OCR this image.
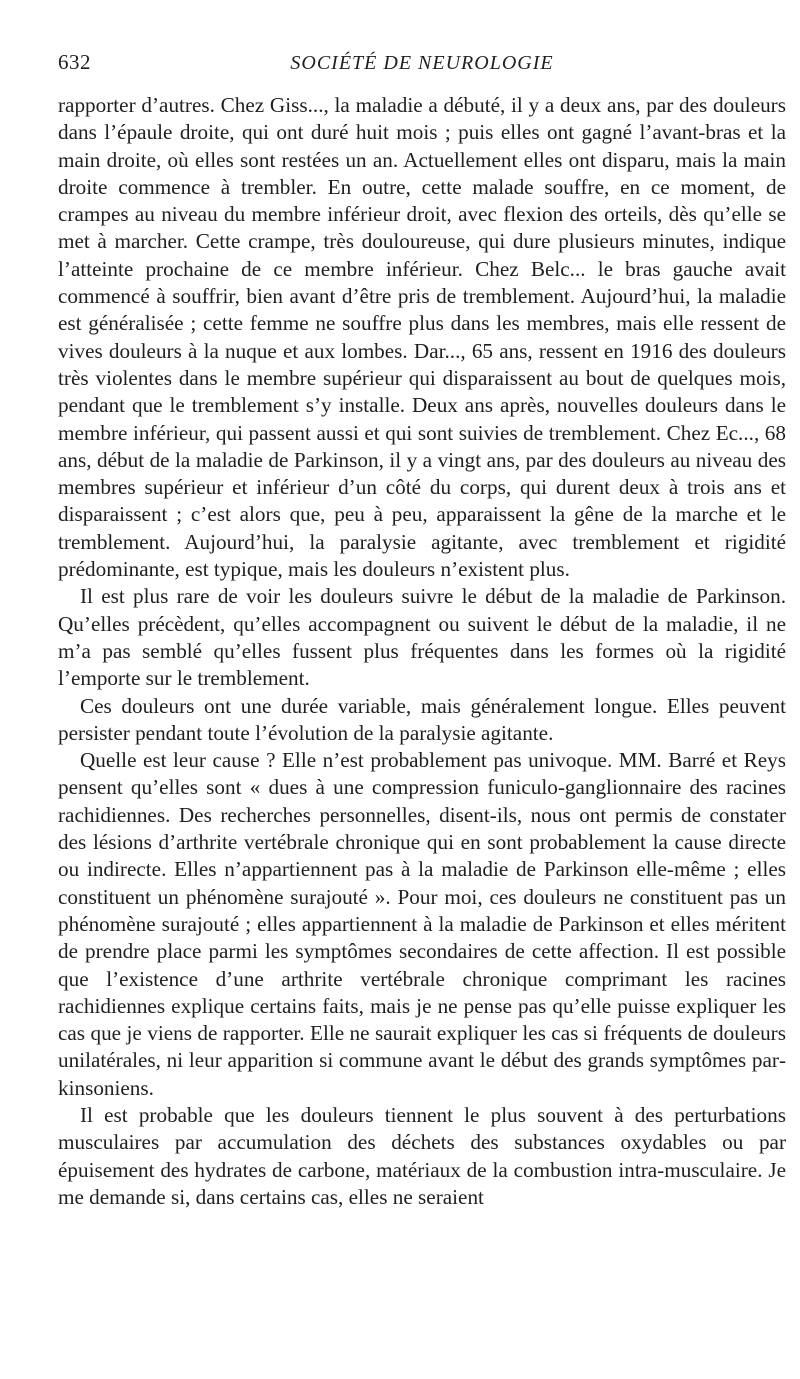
632	SOCIÉTÉ DE NEUROLOGIE

rapporter d’autres. Chez Giss..., la maladie a débuté, il y a deux ans, par des douleurs dans l’épaule droite, qui ont duré huit mois ; puis elles ont gagné l’avant-bras et la main droite, où elles sont restées un an. Actuellement elles ont disparu, mais la main droite commence à trembler. En outre, cette malade souffre, en ce moment, de crampes au niveau du membre inférieur droit, avec flexion des orteils, dès qu’elle se met à marcher. Cette crampe, très douloureuse, qui dure plusieurs minutes, indique l’atteinte prochaine de ce membre inférieur. Chez Belc... le bras gauche avait commencé à souffrir, bien avant d’être pris de tremblement. Aujourd’hui, la maladie est généralisée ; cette femme ne souffre plus dans les membres, mais elle ressent de vives douleurs à la nuque et aux lombes. Dar..., 65 ans, ressent en 1916 des douleurs très violentes dans le membre supérieur qui disparaissent au bout de quelques mois, pendant que le tremblement s’y installe. Deux ans après, nouvelles douleurs dans le membre inférieur, qui passent aussi et qui sont suivies de tremblement. Chez Ec..., 68 ans, début de la maladie de Parkinson, il y a vingt ans, par des douleurs au niveau des membres supérieur et inférieur d’un côté du corps, qui durent deux à trois ans et disparaissent ; c’est alors que, peu à peu, apparaissent la gêne de la marche et le tremblement. Aujourd’hui, la paralysie agitante, avec tremblement et rigidité prédominante, est typique, mais les douleurs n’existent plus.

Il est plus rare de voir les douleurs suivre le début de la maladie de Parkinson. Qu’elles précèdent, qu’elles accompagnent ou suivent le début de la maladie, il ne m’a pas semblé qu’elles fussent plus fréquentes dans les formes où la rigidité l’emporte sur le tremblement.

Ces douleurs ont une durée variable, mais généralement longue. Elles peuvent persister pendant toute l’évolution de la paralysie agitante.

Quelle est leur cause ? Elle n’est probablement pas univoque. MM. Barré et Reys pensent qu’elles sont « dues à une compression funiculo-ganglionnaire des racines rachidiennes. Des recherches personnelles, disent-ils, nous ont permis de constater des lésions d’arthrite vertébrale chronique qui en sont probablement la cause directe ou indirecte. Elles n’appartiennent pas à la maladie de Parkinson elle-même ; elles constituent un phénomène surajouté ». Pour moi, ces douleurs ne constituent pas un phénomène surajouté ; elles appartiennent à la maladie de Parkinson et elles méritent de prendre place parmi les symptômes secondaires de cette affection. Il est possible que l’existence d’une arthrite vertébrale chronique comprimant les racines rachidiennes explique certains faits, mais je ne pense pas qu’elle puisse expliquer les cas que je viens de rapporter. Elle ne saurait expliquer les cas si fréquents de douleurs unilatérales, ni leur apparition si commune avant le début des grands symptômes parkinsoniens.

Il est probable que les douleurs tiennent le plus souvent à des perturbations musculaires par accumulation des déchets des substances oxydables ou par épuisement des hydrates de carbone, matériaux de la combustion intra-musculaire. Je me demande si, dans certains cas, elles ne seraient
